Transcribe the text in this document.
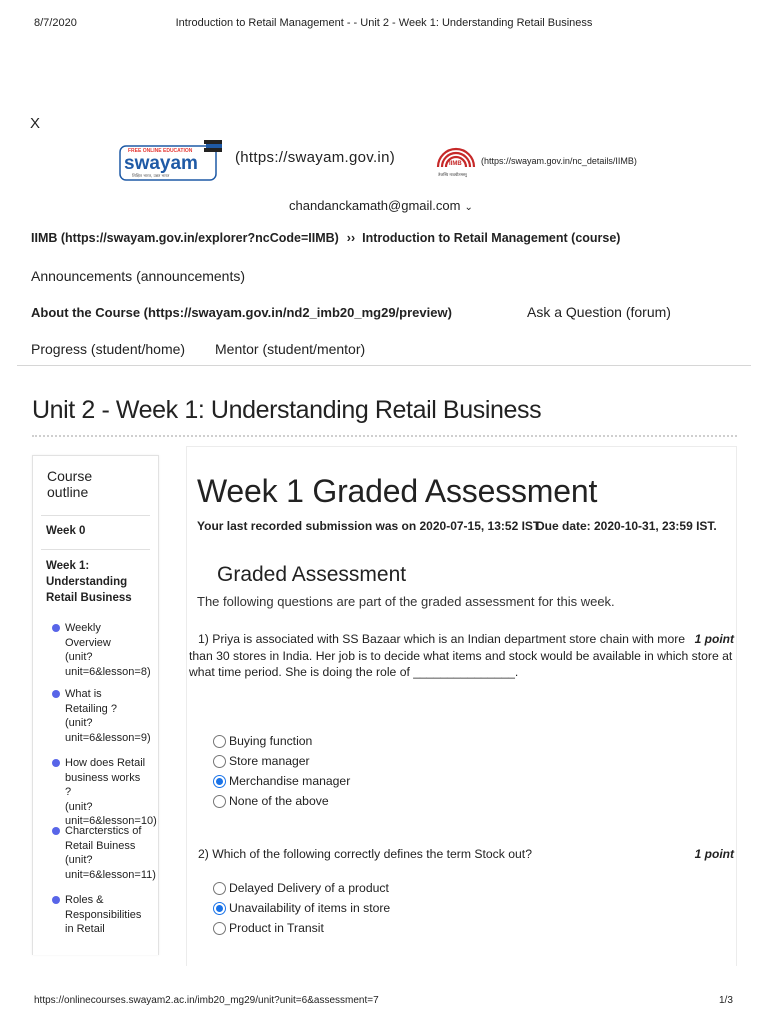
8/7/2020	Introduction to Retail Management - - Unit 2 - Week 1: Understanding Retail Business
X
FREE ONLINE EDUCATION
swayam
शिक्षित भारत, उन्नत भारत
(https://swayam.gov.in)	IIMB
तेजस्वि नावधीतमस्तु
(https://swayam.gov.in/nc_details/IIMB)
chandanckamath@gmail.com ⌄
IIMB (https://swayam.gov.in/explorer?ncCode=IIMB) ›› Introduction to Retail Management (course)
Announcements (announcements)
About the Course (https://swayam.gov.in/nd2_imb20_mg29/preview)	Ask a Question (forum)
Progress (student/home) Mentor (student/mentor)
Unit 2 - Week 1: Understanding Retail Business
Course outline
Week 0
Week 1: Understanding Retail Business
Weekly Overview
(unit? unit=6&lesson=8)
What is Retailing ?
(unit? unit=6&lesson=9)
How does Retail business works ?
(unit? unit=6&lesson=10)
Charcterstics of Retail Buiness
(unit? unit=6&lesson=11)
Roles & Responsibilities in Retail
Week 1 Graded Assessment
Your last recorded submission was on 2020-07-15, 13:52 IST
Due date: 2020-10-31, 23:59 IST.
Graded Assessment
The following questions are part of the graded assessment for this week.
1) Priya is associated with SS Bazaar which is an Indian department store chain with more
than 30 stores in India. Her job is to decide what items and stock would be available in which store at what time period. She is doing the role of _______________.
1 point
Buying function
Store manager
Merchandise manager
None of the above
2) Which of the following correctly defines the term Stock out?	1 point
Delayed Delivery of a product
Unavailability of items in store
Product in Transit
https://onlinecourses.swayam2.ac.in/imb20_mg29/unit?unit=6&assessment=7	1/3
